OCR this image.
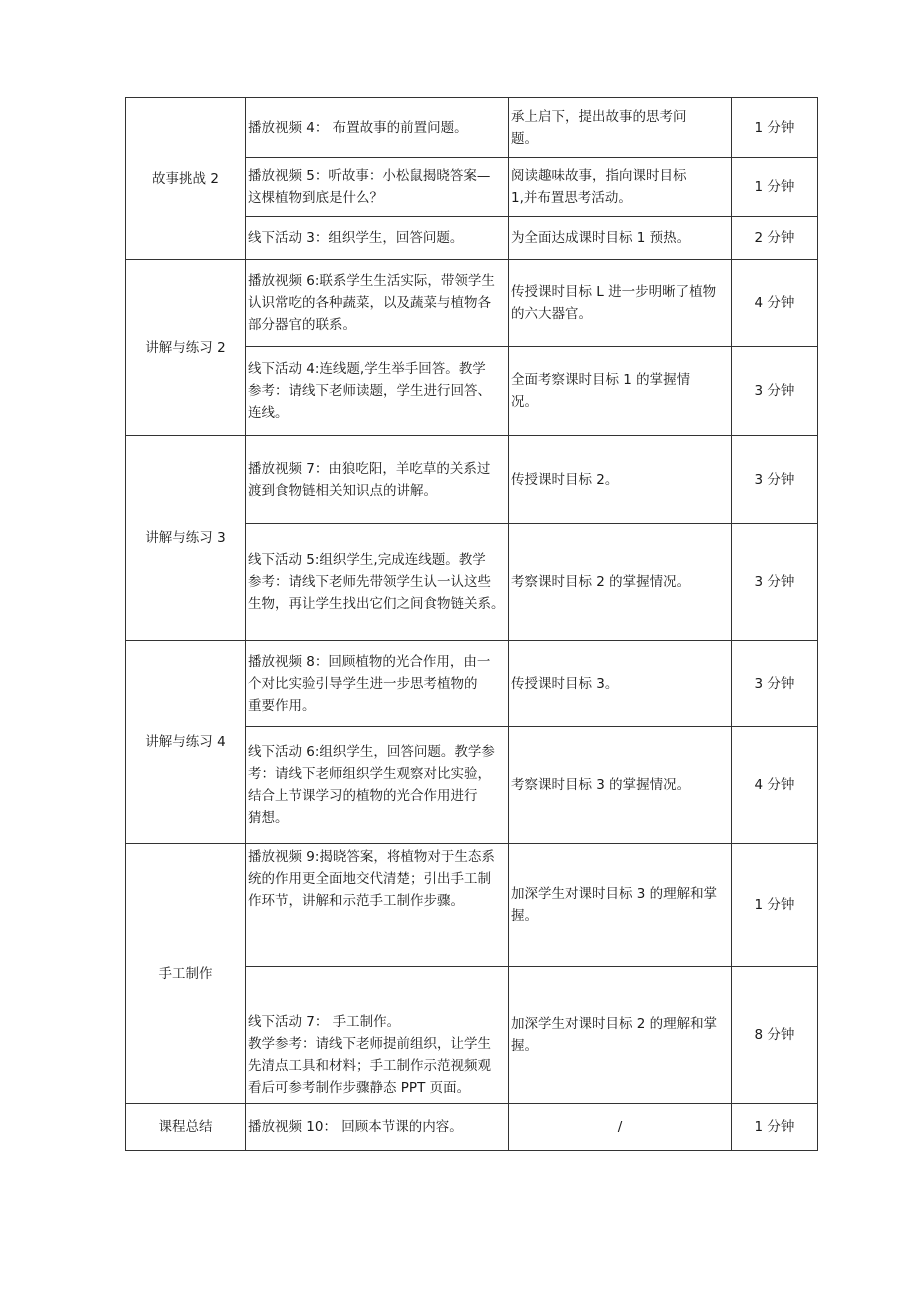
故事挑战 2	播放视频 4： 布置故事的前置问题。	承上启下，提出故事的思考问
题。	1 分钟
	播放视频 5：听故事：小松鼠揭晓答案—
这棵植物到底是什么？	阅读趣味故事，指向课时目标
1,并布置思考活动。	1 分钟
	线下活动 3：组织学生，回答问题。	为全面达成课时目标 1 预热。	2 分钟
讲解与练习 2	播放视频 6:联系学生生活实际，带领学生
认识常吃的各种蔬菜，以及蔬菜与植物各
部分器官的联系。	传授课时目标 L 进一步明晰了植物
的六大器官。	4 分钟
	线下活动 4:连线题,学生举手回答。教学
参考：请线下老师读题，学生进行回答、
连线。	全面考察课时目标 1 的掌握情
况。	3 分钟
讲解与练习 3	播放视频 7：由狼吃阳，羊吃草的关系过
渡到食物链相关知识点的讲解。	传授课时目标 2。	3 分钟
	线下活动 5:组织学生,完成连线题。教学
参考：请线下老师先带领学生认一认这些
生物，再让学生找出它们之间食物链关系。	考察课时目标 2 的掌握情况。	3 分钟
讲解与练习 4	播放视频 8：回顾植物的光合作用，由一
个对比实验引导学生进一步思考植物的
重要作用。	传授课时目标 3。	3 分钟
	线下活动 6:组织学生，回答问题。教学参
考：请线下老师组织学生观察对比实验，
结合上节课学习的植物的光合作用进行
猜想。	考察课时目标 3 的掌握情况。	4 分钟
手工制作	播放视频 9:揭晓答案，将植物对于生态系
统的作用更全面地交代清楚；引出手工制
作环节，讲解和示范手工制作步骤。	加深学生对课时目标 3 的理解和掌
握。	1 分钟
	线下活动 7： 手工制作。
教学参考：请线下老师提前组织，让学生
先清点工具和材料；手工制作示范视频观
看后可参考制作步骤静态 PPT 页面。	加深学生对课时目标 2 的理解和掌
握。	8 分钟
课程总结	播放视频 10： 回顾本节课的内容。	/	1 分钟
